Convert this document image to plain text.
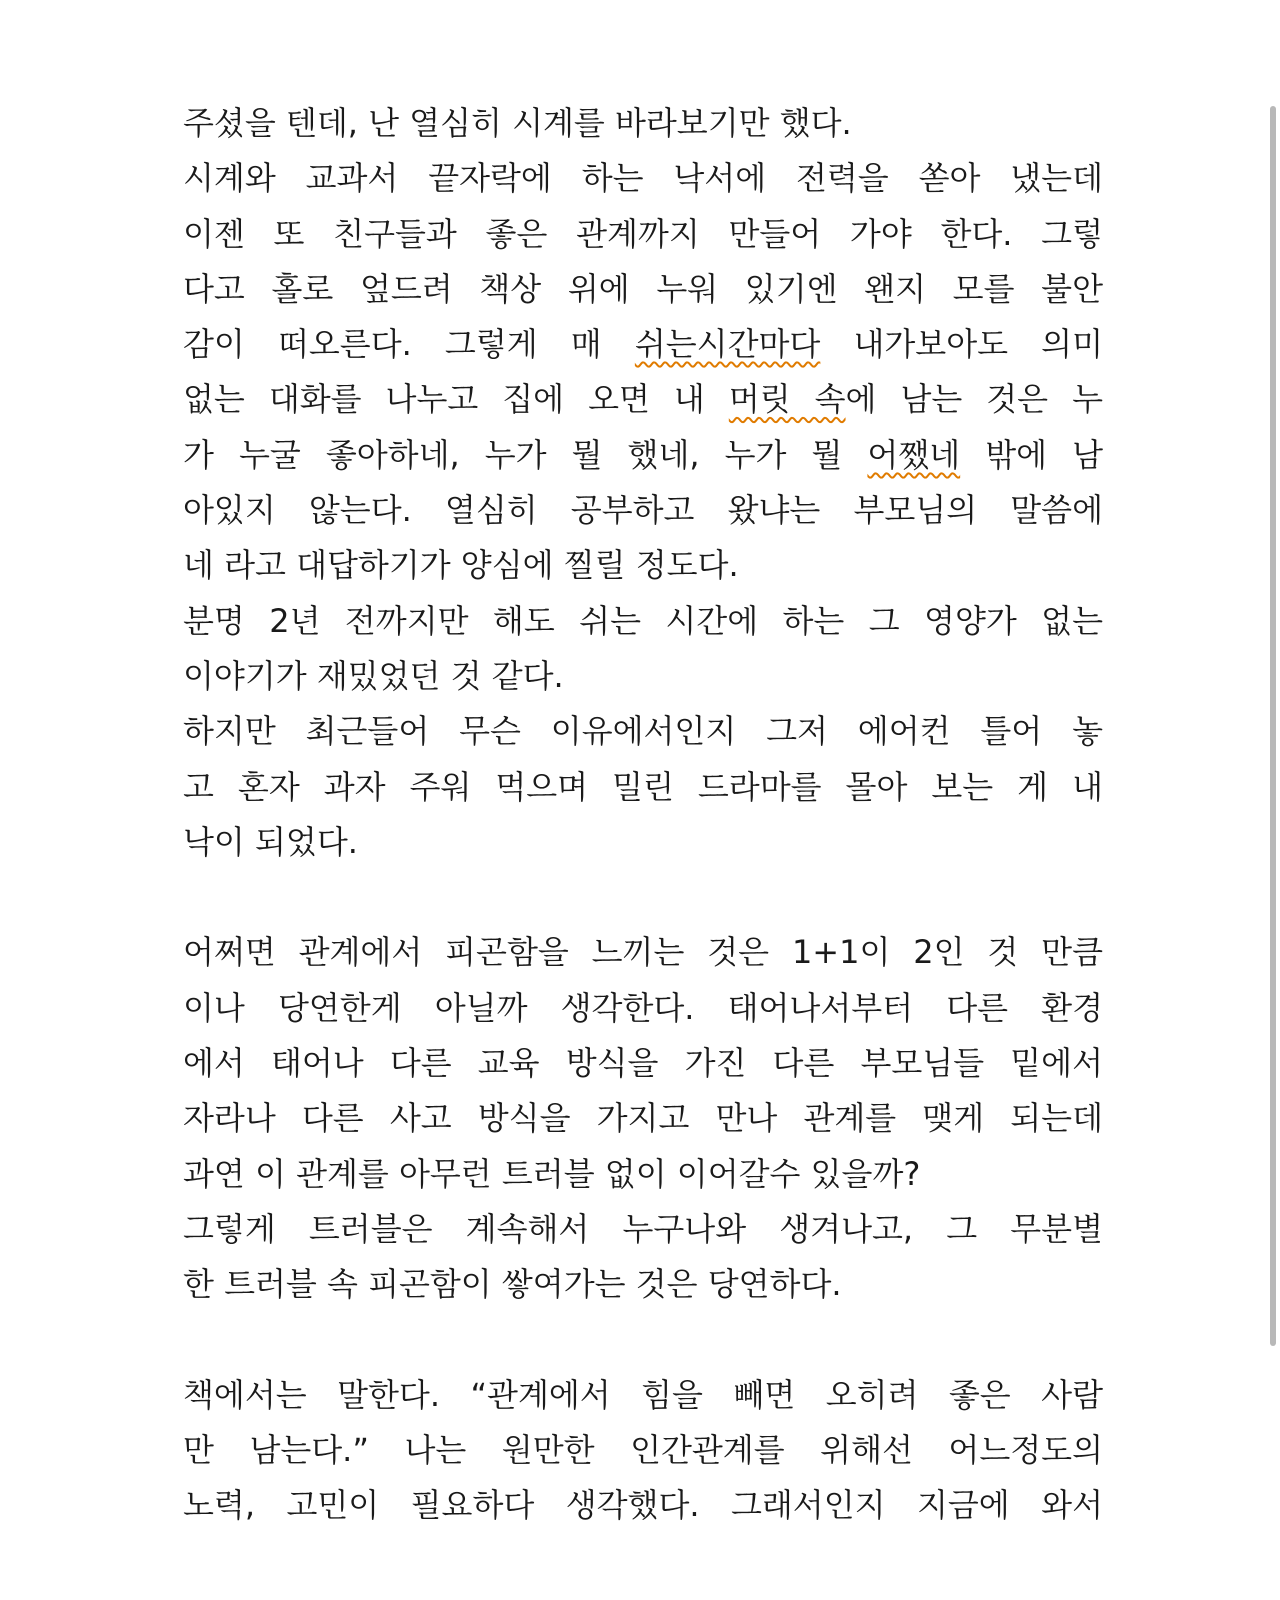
주셨을 텐데, 난 열심히 시계를 바라보기만 했다.
시계와 교과서 끝자락에 하는 낙서에 전력을 쏟아 냈는데
이젠 또 친구들과 좋은 관계까지 만들어 가야 한다. 그렇
다고 홀로 엎드려 책상 위에 누워 있기엔 왠지 모를 불안
감이 떠오른다. 그렇게 매 쉬는시간마다 내가보아도 의미
없는 대화를 나누고 집에 오면 내 머릿 속에 남는 것은 누
가 누굴 좋아하네, 누가 뭘 했네, 누가 뭘 어쨌네 밖에 남
아있지 않는다. 열심히 공부하고 왔냐는 부모님의 말씀에
네 라고 대답하기가 양심에 찔릴 정도다.
분명 2년 전까지만 해도 쉬는 시간에 하는 그 영양가 없는
이야기가 재밌었던 것 같다.
하지만 최근들어 무슨 이유에서인지 그저 에어컨 틀어 놓
고 혼자 과자 주워 먹으며 밀린 드라마를 몰아 보는 게 내
낙이 되었다.
어쩌면 관계에서 피곤함을 느끼는 것은 1+1이 2인 것 만큼
이나 당연한게 아닐까 생각한다. 태어나서부터 다른 환경
에서 태어나 다른 교육 방식을 가진 다른 부모님들 밑에서
자라나 다른 사고 방식을 가지고 만나 관계를 맺게 되는데
과연 이 관계를 아무런 트러블 없이 이어갈수 있을까?
그렇게 트러블은 계속해서 누구나와 생겨나고, 그 무분별
한 트러블 속 피곤함이 쌓여가는 것은 당연하다.
책에서는 말한다. “관계에서 힘을 빼면 오히려 좋은 사람
만 남는다.” 나는 원만한 인간관계를 위해선 어느정도의
노력, 고민이 필요하다 생각했다. 그래서인지 지금에 와서
